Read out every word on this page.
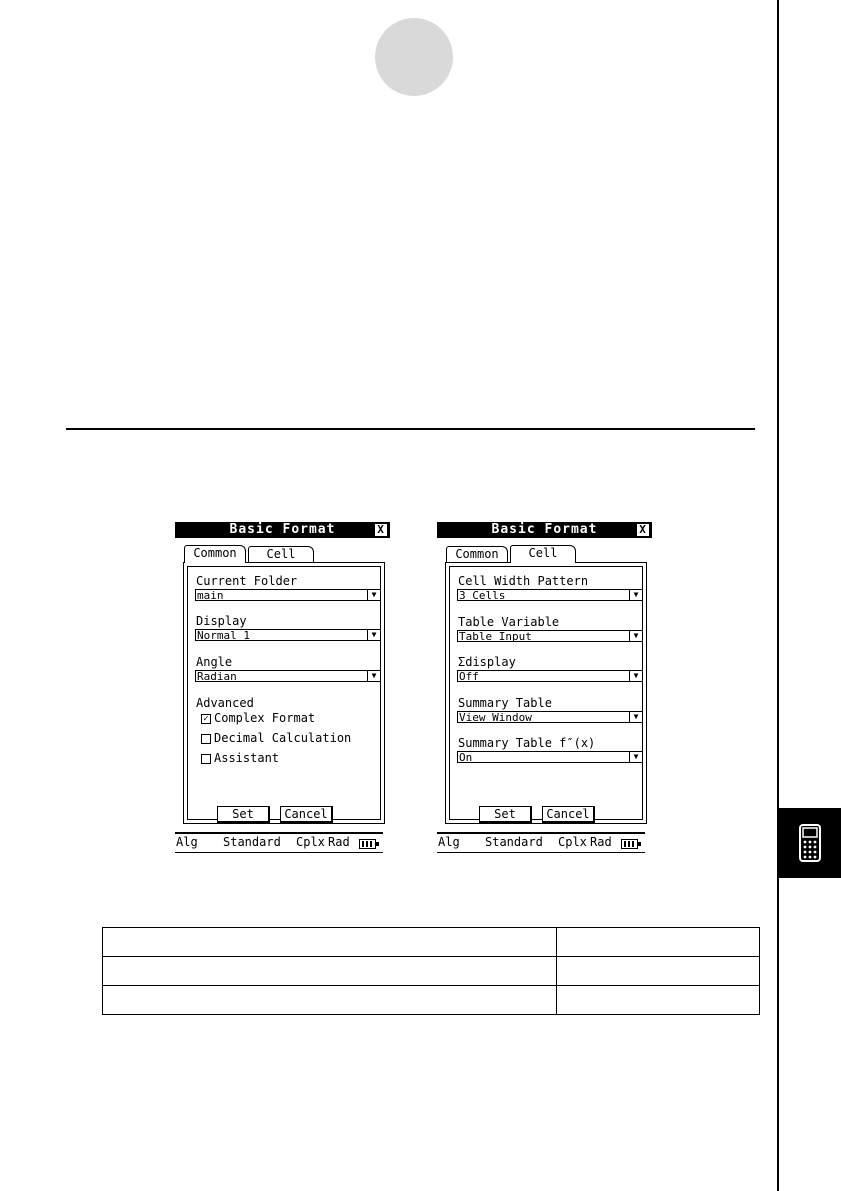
Basic Format	X
Common	Cell
Current Folder
main	▼
Display
Normal 1	▼
Angle
Radian	▼
Advanced
✓ Complex Format
Decimal Calculation
Assistant
Set	Cancel
Alg Standard Cplx Rad
Basic Format	X
Common	Cell
Cell Width Pattern
3 Cells	▼
Table Variable
Table Input	▼
Σdisplay
Off	▼
Summary Table
View Window	▼
Summary Table f″(x)
On	▼
Set	Cancel
Alg Standard Cplx Rad
